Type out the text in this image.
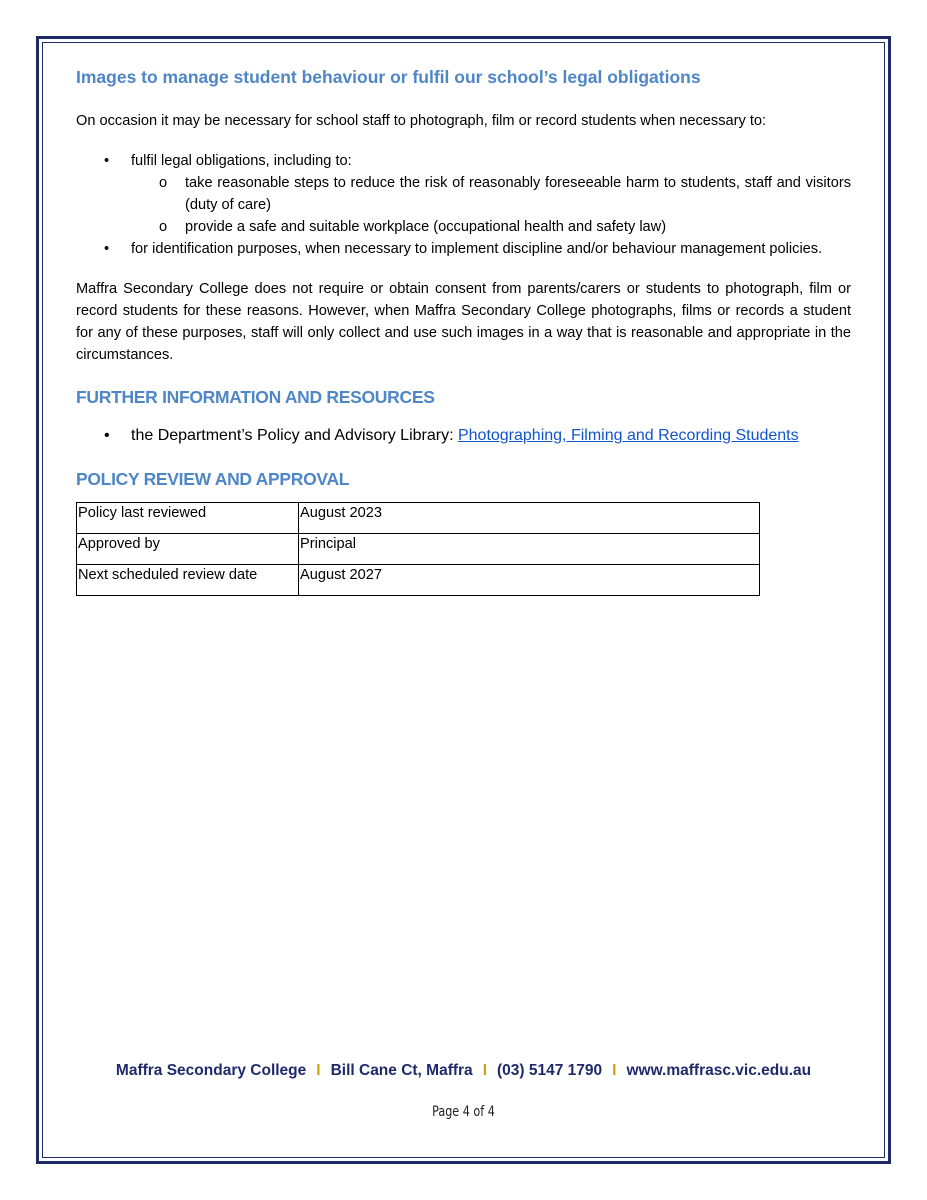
Images to manage student behaviour or fulfil our school’s legal obligations

On occasion it may be necessary for school staff to photograph, film or record students when necessary to:

• fulfil legal obligations, including to:
o take reasonable steps to reduce the risk of reasonably foreseeable harm to students, staff and visitors (duty of care)
o provide a safe and suitable workplace (occupational health and safety law)
• for identification purposes, when necessary to implement discipline and/or behaviour management policies.

Maffra Secondary College does not require or obtain consent from parents/carers or students to photograph, film or record students for these reasons. However, when Maffra Secondary College photographs, films or records a student for any of these purposes, staff will only collect and use such images in a way that is reasonable and appropriate in the circumstances.

FURTHER INFORMATION AND RESOURCES
• the Department’s Policy and Advisory Library: Photographing, Filming and Recording Students
POLICY REVIEW AND APPROVAL
Policy last reviewed	August 2023
Approved by	Principal
Next scheduled review date	August 2027
Maffra Secondary College I Bill Cane Ct, Maffra I (03) 5147 1790 I www.maffrasc.vic.edu.au
Page 4 of 4
